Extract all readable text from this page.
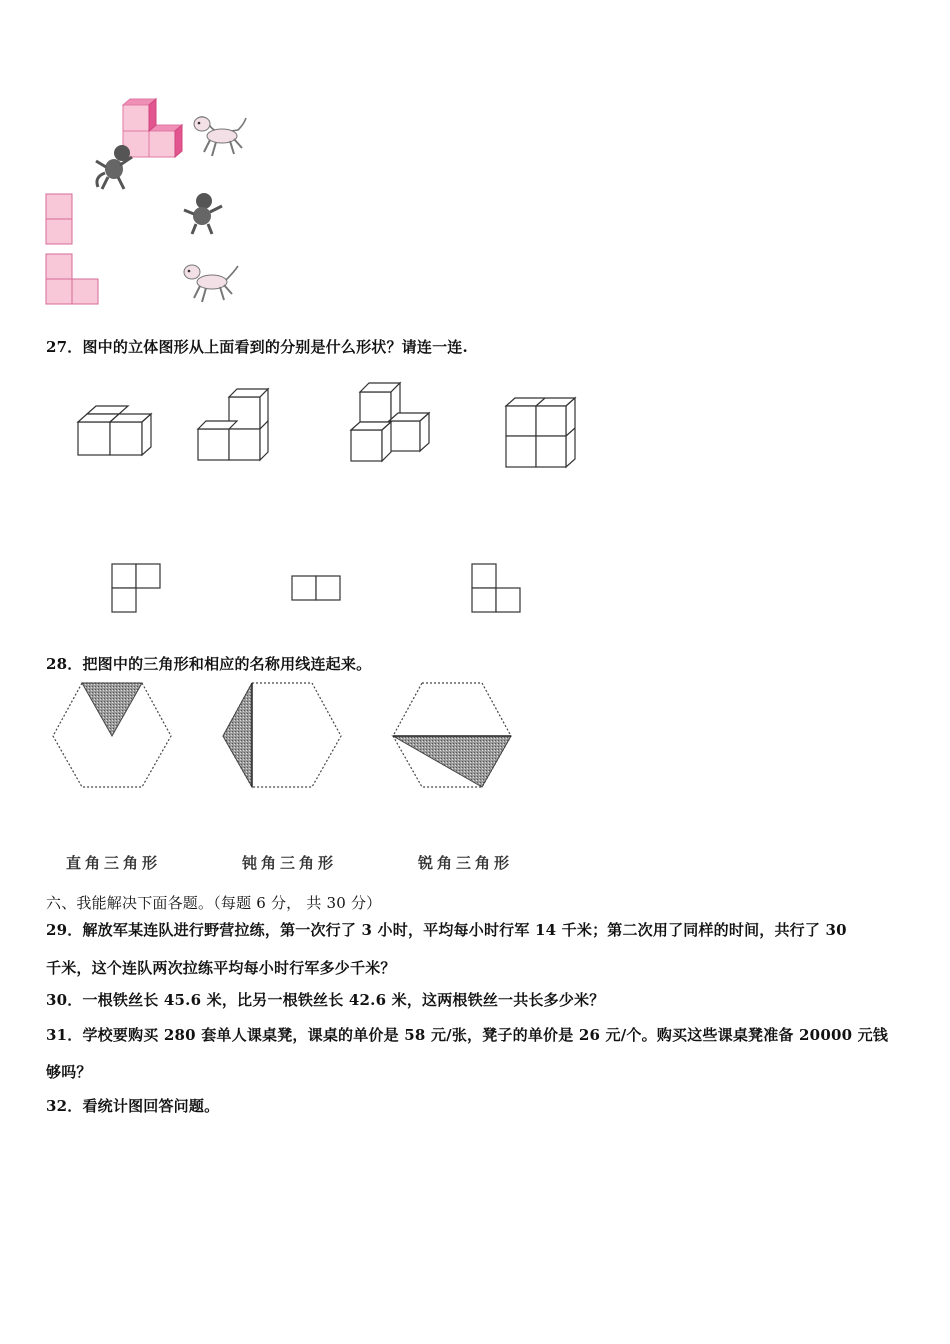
27．图中的立体图形从上面看到的分别是什么形状？请连一连.
28．把图中的三角形和相应的名称用线连起来。
直角三角形	钝角三角形	锐角三角形
六、我能解决下面各题。（每题 6 分， 共 30 分）
29．解放军某连队进行野营拉练，第一次行了 3 小时，平均每小时行军 14 千米；第二次用了同样的时间，共行了 30
千米，这个连队两次拉练平均每小时行军多少千米？
30．一根铁丝长 45.6 米，比另一根铁丝长 42.6 米，这两根铁丝一共长多少米？
31．学校要购买 280 套单人课桌凳，课桌的单价是 58 元/张，凳子的单价是 26 元/个。购买这些课桌凳准备 20000 元钱
够吗？
32．看统计图回答问题。
